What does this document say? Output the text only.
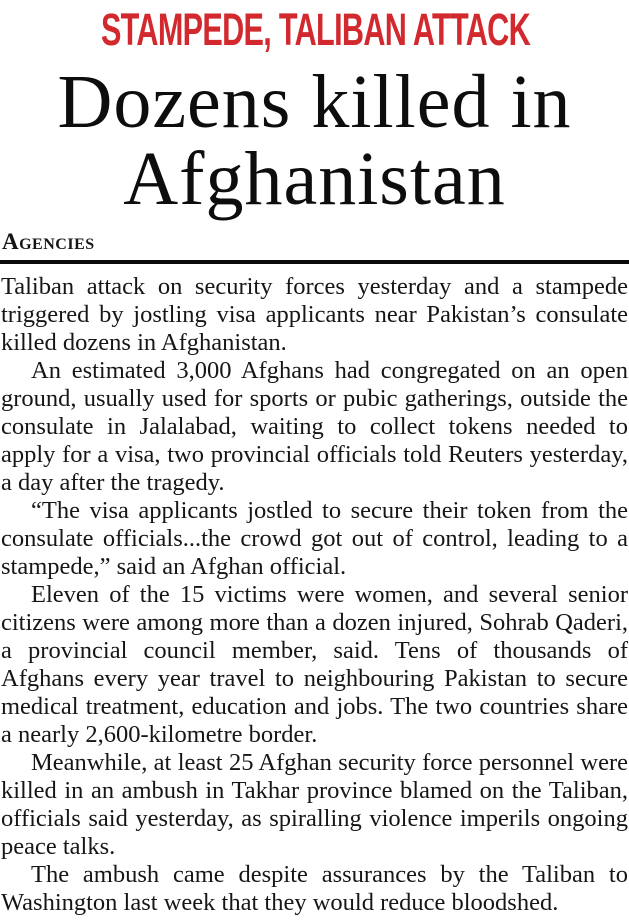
STAMPEDE, TALIBAN ATTACK
Dozens killed in
Afghanistan
Agencies

Taliban attack on security forces yesterday and a stampede triggered by jostling visa applicants near Pakistan’s consulate killed dozens in Afghanistan.

An estimated 3,000 Afghans had congregated on an open ground, usually used for sports or pubic gatherings, outside the consulate in Jalalabad, waiting to collect tokens needed to apply for a visa, two provincial officials told Reuters yesterday, a day after the tragedy.

“The visa applicants jostled to secure their token from the consulate officials...the crowd got out of control, leading to a stampede,” said an Afghan official.

Eleven of the 15 victims were women, and several senior citizens were among more than a dozen injured, Sohrab Qaderi, a provincial council member, said. Tens of thousands of Afghans every year travel to neighbouring Pakistan to secure medical treatment, education and jobs. The two countries share a nearly 2,600-kilometre border.

Meanwhile, at least 25 Afghan security force personnel were killed in an ambush in Takhar province blamed on the Taliban, officials said yesterday, as spiralling violence imperils ongoing peace talks.

The ambush came despite assurances by the Taliban to Washington last week that they would reduce bloodshed.
